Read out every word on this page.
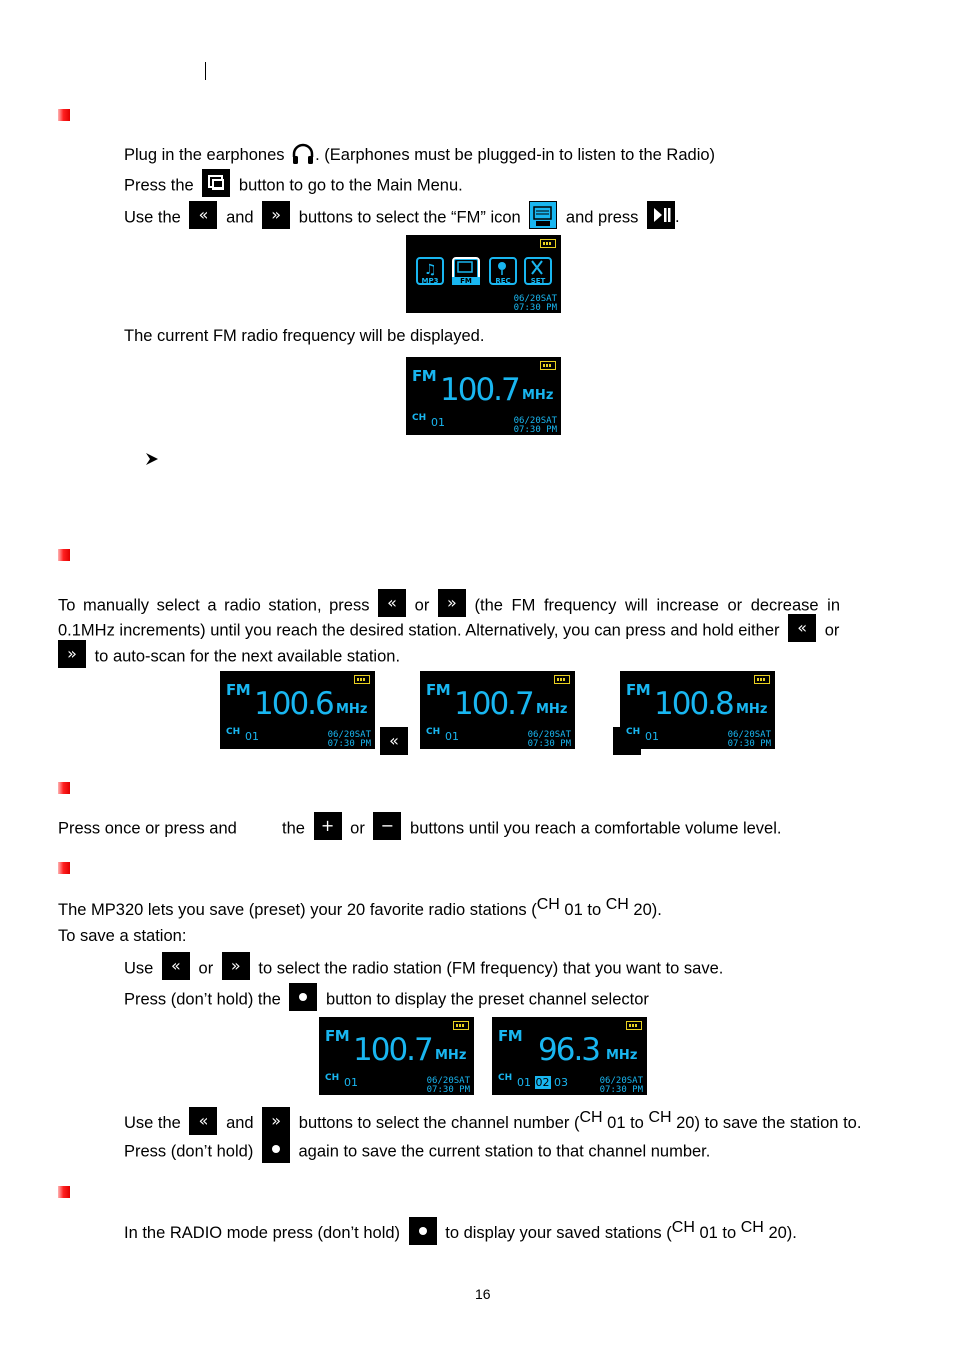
Plug in the earphones . (Earphones must be plugged-in to listen to the Radio)
Press the	button to go to the Main Menu.
Use the « and » buttons to select the “FM” icon	and press .
♫
MP3	FM	REC	SET
06/20SAT
07:30 PM
The current FM radio frequency will be displayed.
FM 100.7 MHz
CH 01	06/20SAT
07:30 PM
To manually select a radio station, press « or » (the FM frequency will increase or decrease in
0.1MHz increments) until you reach the desired station. Alternatively, you can press and hold either « or
» to auto-scan for the next available station.
FM 100.6 MHz
CH 01	06/20SAT
07:30 PM «
FM 100.7 MHz
CH 01	06/20SAT
07:30 PM
FM 100.8 MHz
CH 01	06/20SAT
07:30 PM
Press once or press and	the + or − buttons until you reach a comfortable volume level.
The MP320 lets you save (preset) your 20 favorite radio stations ($^{CH}$ 01 to $^{CH}$ 20).
To save a station:
Use « or » to select the radio station (FM frequency) that you want to save.
Press (don’t hold) the	button to display the preset channel selector
FM 100.7 MHz
CH 01	06/20SAT
07:30 PM
FM 96.3 MHz
CH 01 02 03	06/20SAT
07:30 PM
Use the « and » buttons to select the channel number ($^{CH}$ 01 to $^{CH}$ 20) to save the station to.
Press (don’t hold)	again to save the current station to that channel number.
In the RADIO mode press (don’t hold)	to display your saved stations ($^{CH}$ 01 to $^{CH}$ 20).
16
